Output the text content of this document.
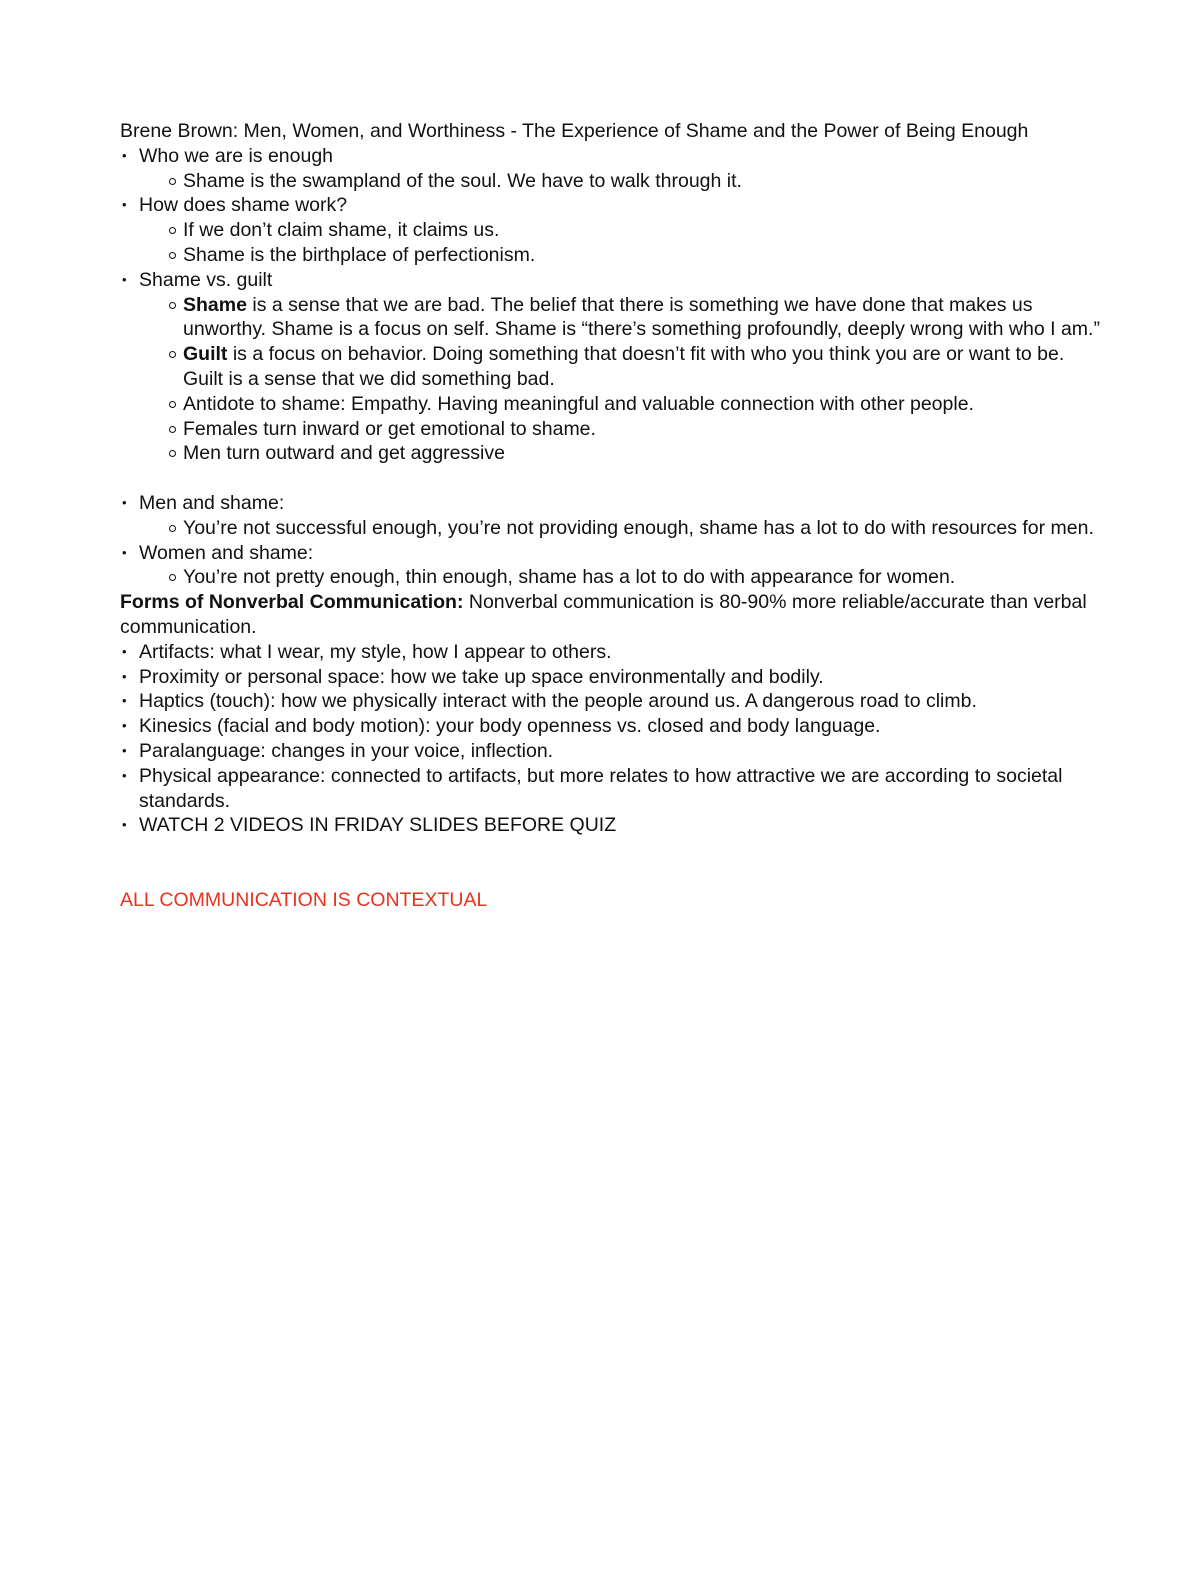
Brene Brown: Men, Women, and Worthiness - The Experience of Shame and the Power of Being Enough

• Who we are is enough
Shame is the swampland of the soul. We have to walk through it.
• How does shame work?
If we don’t claim shame, it claims us.
Shame is the birthplace of perfectionism.
• Shame vs. guilt
Shame is a sense that we are bad. The belief that there is something we have done that makes us unworthy. Shame is a focus on self. Shame is “there’s something profoundly, deeply wrong with who I am.”
Guilt is a focus on behavior. Doing something that doesn’t fit with who you think you are or want to be. Guilt is a sense that we did something bad.
Antidote to shame: Empathy. Having meaningful and valuable connection with other people.
Females turn inward or get emotional to shame.
Men turn outward and get aggressive
• Men and shame:
You’re not successful enough, you’re not providing enough, shame has a lot to do with resources for men.
• Women and shame:
You’re not pretty enough, thin enough, shame has a lot to do with appearance for women.

Forms of Nonverbal Communication: Nonverbal communication is 80-90% more reliable/accurate than verbal communication.

• Artifacts: what I wear, my style, how I appear to others.
• Proximity or personal space: how we take up space environmentally and bodily.
• Haptics (touch): how we physically interact with the people around us. A dangerous road to climb.
• Kinesics (facial and body motion): your body openness vs. closed and body language.
• Paralanguage: changes in your voice, inflection.
• Physical appearance: connected to artifacts, but more relates to how attractive we are according to societal standards.
• WATCH 2 VIDEOS IN FRIDAY SLIDES BEFORE QUIZ

ALL COMMUNICATION IS CONTEXTUAL
